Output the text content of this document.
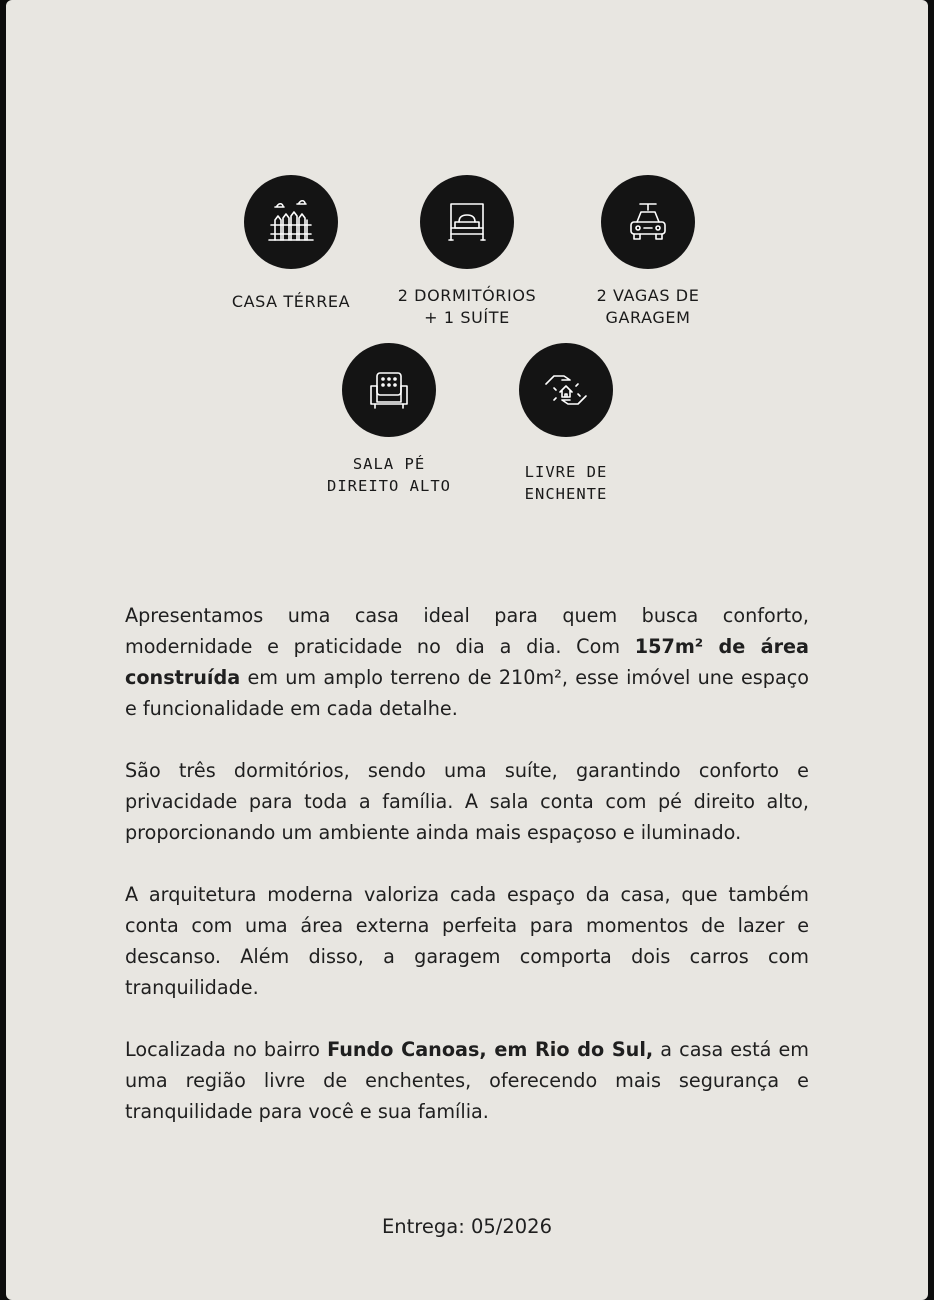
CASA TÉRREA	2 DORMITÓRIOS
+ 1 SUÍTE
2 VAGAS DE
GARAGEM
SALA PÉ
DIREITO ALTO
LIVRE DE
ENCHENTE

Apresentamos uma casa ideal para quem busca conforto, modernidade e praticidade no dia a dia. Com 157m² de área construída em um amplo terreno de 210m², esse imóvel une espaço e funcionalidade em cada detalhe.

São três dormitórios, sendo uma suíte, garantindo conforto e privacidade para toda a família. A sala conta com pé direito alto, proporcionando um ambiente ainda mais espaçoso e iluminado.

A arquitetura moderna valoriza cada espaço da casa, que também conta com uma área externa perfeita para momentos de lazer e descanso. Além disso, a garagem comporta dois carros com tranquilidade.

Localizada no bairro Fundo Canoas, em Rio do Sul, a casa está em uma região livre de enchentes, oferecendo mais segurança e tranquilidade para você e sua família.

Entrega: 05/2026
